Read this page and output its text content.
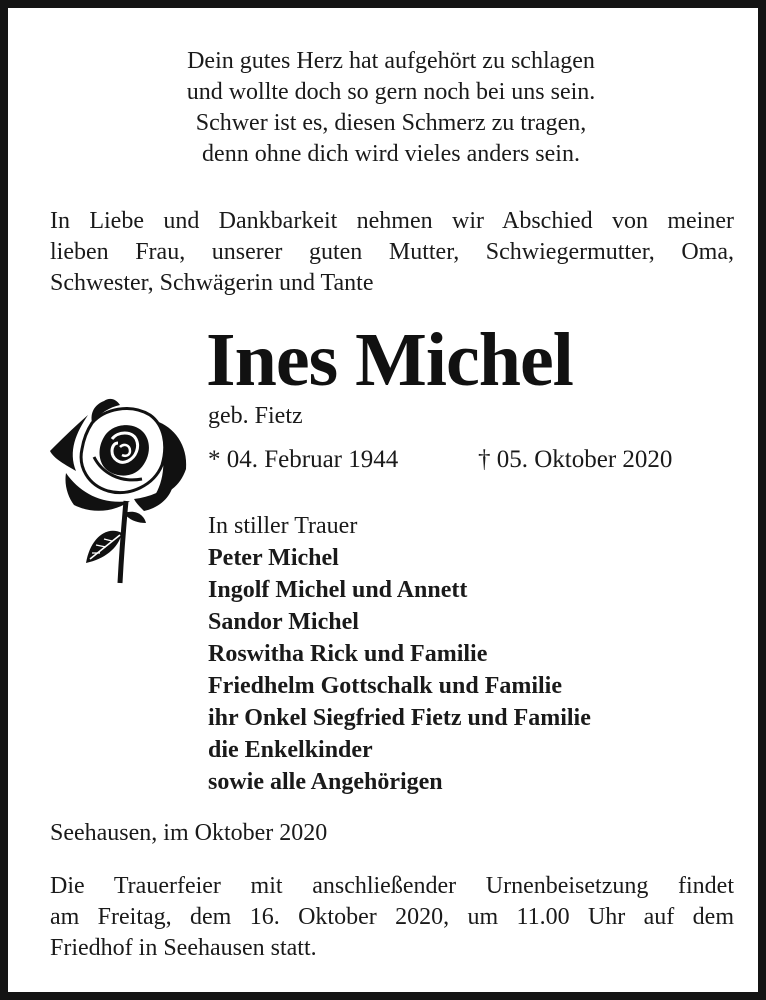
Dein gutes Herz hat aufgehört zu schlagen
und wollte doch so gern noch bei uns sein.
Schwer ist es, diesen Schmerz zu tragen,
denn ohne dich wird vieles anders sein.
In Liebe und Dankbarkeit nehmen wir Abschied von meiner
lieben Frau, unserer guten Mutter, Schwiegermutter, Oma,
Schwester, Schwägerin und Tante
Ines Michel
geb. Fietz
* 04. Februar 1944	† 05. Oktober 2020
In stiller Trauer
Peter Michel
Ingolf Michel und Annett
Sandor Michel
Roswitha Rick und Familie
Friedhelm Gottschalk und Familie
ihr Onkel Siegfried Fietz und Familie
die Enkelkinder
sowie alle Angehörigen
Seehausen, im Oktober 2020
Die Trauerfeier mit anschließender Urnenbeisetzung findet
am Freitag, dem 16. Oktober 2020, um 11.00 Uhr auf dem
Friedhof in Seehausen statt.
